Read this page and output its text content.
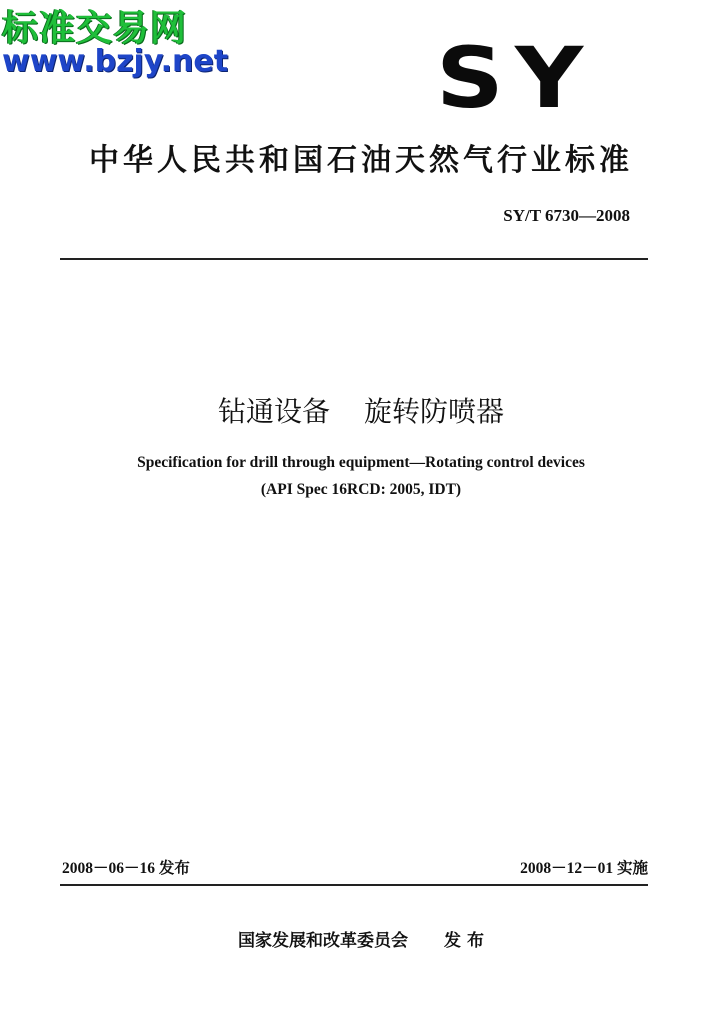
标准交易网
www.bzjy.net SY
中华人民共和国石油天然气行业标准
SY/T 6730—2008
钻通设备 旋转防喷器
Specification for drill through equipment—Rotating control devices
(API Spec 16RCD: 2005, IDT)
2008－06－16 发布	2008－12－01 实施
国家发展和改革委员会 发 布
